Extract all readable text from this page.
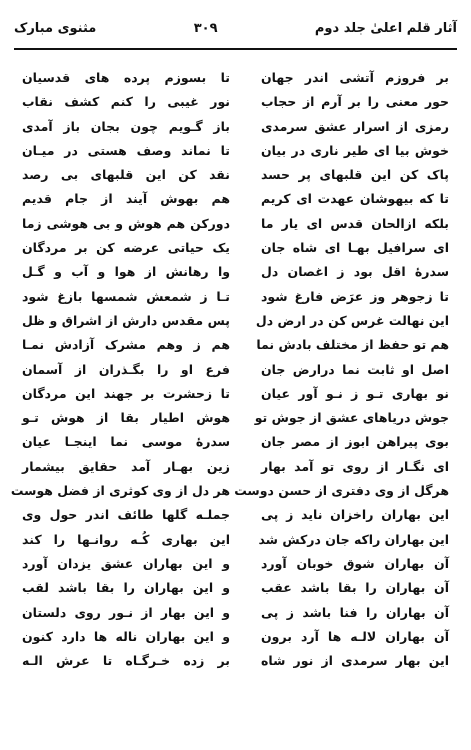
آثار قلم اعلیٰ جلد دوم
۳۰۹
مثنوی مبارک
بر فروزم آتشی اندر جهان
حور معنی را بر آرم از حجاب
رمزی از اسرار عشق سرمدی
خوش بیا ای طیر ناری در بیان
پاک کن این قلبهای پر حسد
تا که بیهوشان عهدت ای کریم
بلکه ازالحان قدس ای یار ما
ای سرافیل بهـا ای شاه جان
سدرهٔ اقل بود ز اغصان دل
تا زجوهر وز عرَض فارغ شود
این نهالت غرس کن در ارض دل
هم تو حفظ از مختلف بادش نما
اصل او ثابت نما درارض جان
نو بهاری تـو ز نـو آور عیان
جوش دریاهای عشق از جوش تو
بوی پیراهن ابوز از مصر جان
ای نگـار از روی تو آمد بهار
هرگل از وی دفتری از حسن دوست
این بهاران راخزان ناید ز پی
این بهاران راکه جان درکش شد
آن بهاران شوق خوبان آورد
آن بهاران را بقا باشد عقب
آن بهاران را فنا باشد ز پی
آن بهاران لالـه ها آرد برون
این بهار سرمدی از نور شاه
تا بسوزم پرده های قدسیان
نور غیبی را کنم کشف نقاب
باز گـویم چون بجان باز آمدی
تا نماند وصف هستی در میـان
نقد کن این قلبهای بی رصد
هم بهوش آیند از جام قدیم
دورکن هم هوش و بی هوشی زما
یک حیاتی عرضه کن بر مردگان
وا رهانش از هوا و آب و گـل
تـا ز شمعش شمسها بازغ شود
پس مقدس دارش از اشراق و ظل
هم ز وهم مشرک آزادش نمـا
فرع او را بگـذران از آسمان
تا زحشرت بر جهند این مردگان
هوش اطیار بقا از هوش تـو
سدرهٔ موسی نما اینجـا عیان
زین بهـار آمد حقایق بیشمار
هر دل از وی کوثری از فضل هوست
جملـه گلها طائف اندر حول وی
این بهاری کُـه روانـها را کند
و این بهاران عشق یزدان آورد
و این بهاران را بقا باشد لقب
و این بهار از نـور روی دلستان
و این بهاران ناله ها دارد کنون
بر زده خـرگـاه تا عرش الـه
